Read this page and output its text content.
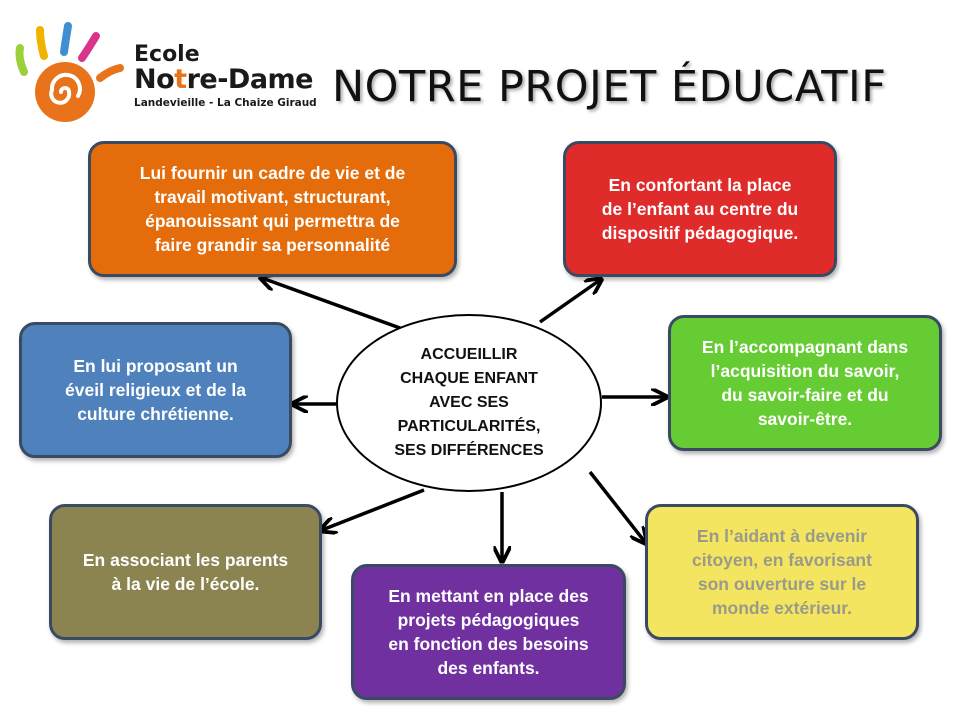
Ecole
Notre-Dame
Landevieille - La Chaize Giraud NOTRE PROJET ÉDUCATIF
ACCUEILLIR
CHAQUE ENFANT
AVEC SES
PARTICULARITÉS,
SES DIFFÉRENCES
Lui fournir un cadre de vie et de
travail motivant, structurant,
épanouissant qui permettra de
faire grandir sa personnalité
En confortant la place
de l’enfant au centre du
dispositif pédagogique.
En lui proposant un
éveil religieux et de la
culture chrétienne.
En l’accompagnant dans
l’acquisition du savoir,
du savoir-faire et du
savoir-être.
En associant les parents
à la vie de l’école.
En mettant en place des
projets pédagogiques
en fonction des besoins
des enfants.
En l’aidant à devenir
citoyen, en favorisant
son ouverture sur le
monde extérieur.
